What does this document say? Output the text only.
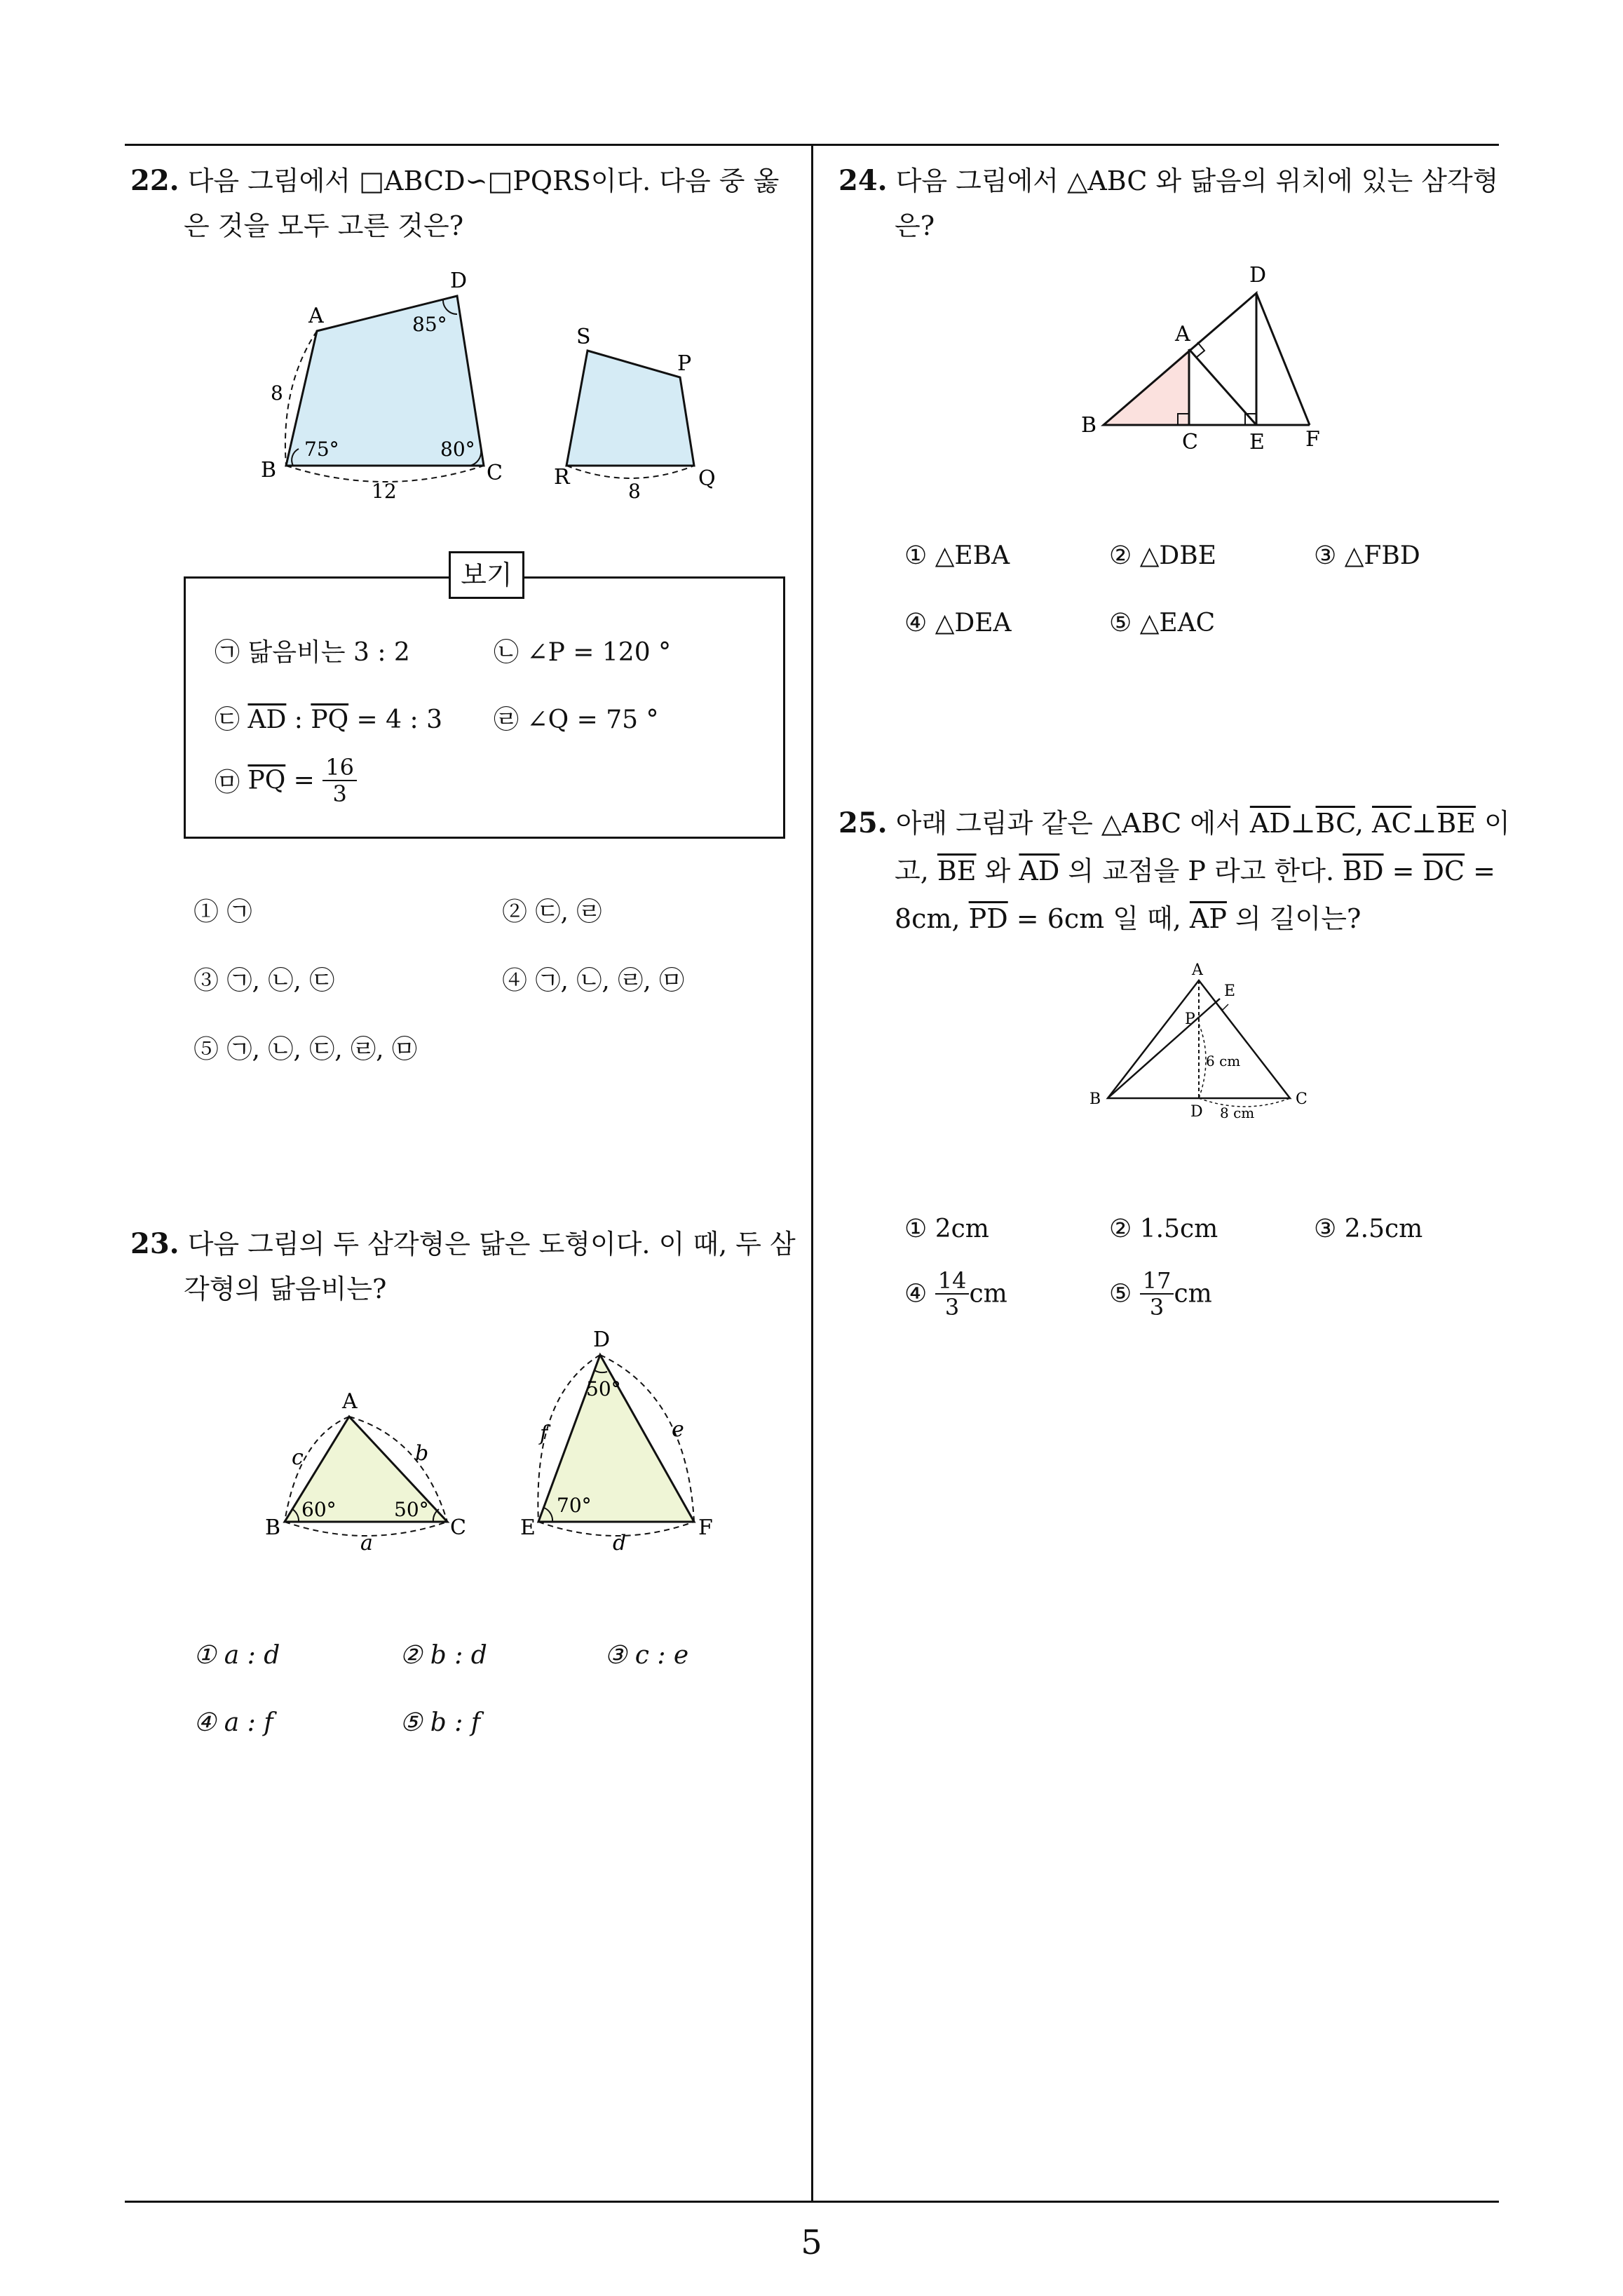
5
22. 다음 그림에서 □ABCD∽□PQRS이다. 다음 중 옳
은 것을 모두 고른 것은?
A
B	C
D
S
P
R	Q
85°
75°	80°
8
12	8
보기
㉠ 닮음비는 3 : 2	㉡ ∠P = 120 °
㉢ $\overline{AD}$ : $\overline{PQ} = 4$ : 3 ㉣ ∠Q = 75 °
㉤ $\overline{PQ} = \frac{16}{3}$
① ㉠	② ㉢, ㉣
③ ㉠, ㉡, ㉢	④ ㉠, ㉡, ㉣, ㉤
⑤ ㉠, ㉡, ㉢, ㉣, ㉤
23. 다음 그림의 두 삼각형은 닮은 도형이다. 이 때, 두 삼
각형의 닮음비는?
A
B	C
D
E	F
c	b
a
f	e
d
60°	50°
50°
70°
① a : d	② b : d	③ c : e
④ a : f	⑤ b : f
24. 다음 그림에서 △ABC 와 닮음의 위치에 있는 삼각형
은?
D
A
B
C E F
① △EBA	② △DBE	③ △FBD
④ △DEA	⑤ △EAC
25. 아래 그림과 같은 △ABC 에서 $\overline{AD}\perp\overline{BC}$, $\overline{AC}\perp\overline{BE}$ 이
고, $\overline{BE}$ 와 $\overline{AD}$ 의 교점을 P 라고 한다. $\overline{BD} = \overline{DC}$ =
8cm, $\overline{PD} = 6cm$ 일 때, $\overline{AP}$ 의 길이는?
A
E
P
B
D
C
6 cm
8 cm
① 2cm	② 1.5cm	③ 2.5cm
④ $\frac{14}{3}$ cm	⑤ $\frac{17}{3}$ cm
